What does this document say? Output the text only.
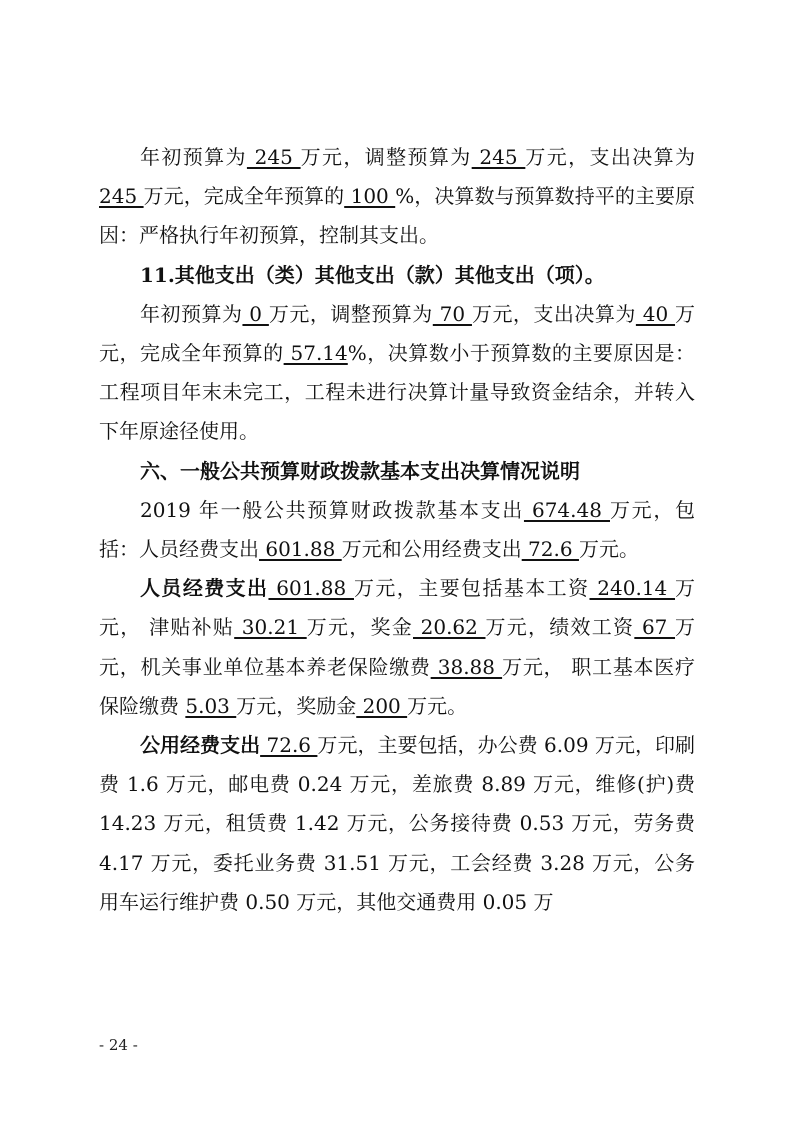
年初预算为 245 万元，调整预算为 245 万元，支出决算为245 万元，完成全年预算的 100 %，决算数与预算数持平的主要原因：严格执行年初预算，控制其支出。

11.其他支出（类）其他支出（款）其他支出（项）。

年初预算为 0 万元，调整预算为 70 万元，支出决算为 40 万元，完成全年预算的 57.14%，决算数小于预算数的主要原因是：工程项目年末未完工，工程未进行决算计量导致资金结余，并转入下年原途径使用。

六、一般公共预算财政拨款基本支出决算情况说明

2019 年一般公共预算财政拨款基本支出 674.48 万元，包括：人员经费支出 601.88 万元和公用经费支出 72.6 万元。

人员经费支出 601.88 万元，主要包括基本工资 240.14 万元， 津贴补贴 30.21 万元，奖金 20.62 万元，绩效工资 67 万元，机关事业单位基本养老保险缴费 38.88 万元， 职工基本医疗保险缴费 5.03 万元，奖励金 200 万元。

公用经费支出 72.6 万元，主要包括，办公费 6.09 万元，印刷费 1.6 万元，邮电费 0.24 万元，差旅费 8.89 万元，维修(护)费 14.23 万元，租赁费 1.42 万元，公务接待费 0.53 万元，劳务费 4.17 万元，委托业务费 31.51 万元，工会经费 3.28 万元，公务用车运行维护费 0.50 万元，其他交通费用 0.05 万

- 24 -
